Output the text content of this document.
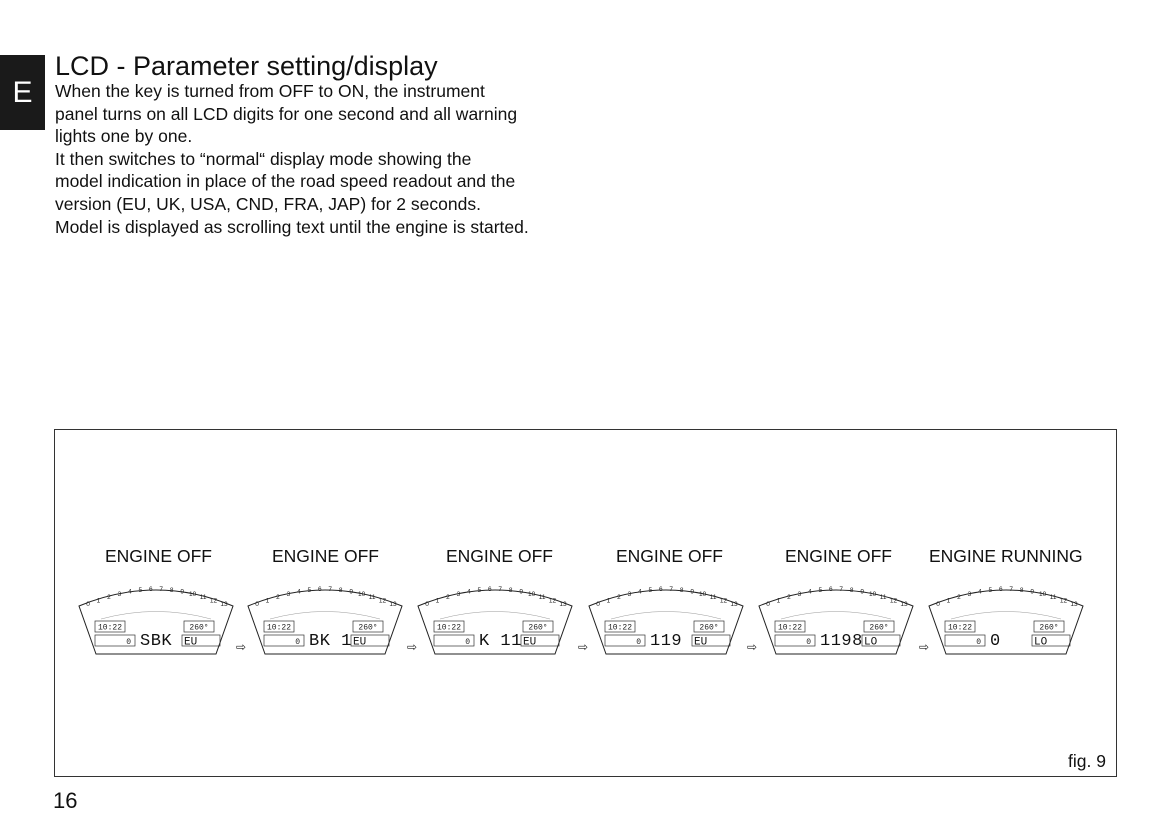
E
LCD - Parameter setting/display

When the key is turned from OFF to ON, the instrument
panel turns on all LCD digits for one second and all warning
lights one by one.
It then switches to “normal“ display mode showing the
model indication in place of the road speed readout and the
version (EU, UK, USA, CND, FRA, JAP) for 2 seconds.
Model is displayed as scrolling text until the engine is started.

ENGINE OFF	ENGINE OFF	ENGINE OFF	ENGINE OFF	ENGINE OFF ENGINE RUNNING
0
1 2 3 4 5 6 7 8 9 10 11 12
13
10:22
0
260°
EU
SBK
0
1 2 3 4 5 6 7 8 9 10 11 12
13
10:22
0
260°
EU
BK 1
0
1 2 3 4 5 6 7 8 9 10 11 12
13
10:22
0
260°
EU
K 11
0
1 2 3 4 5 6 7 8 9 10 11 12
13
10:22
0
260°
EU
119
0
1 2 3 4 5 6 7 8 9 10 11 12
13
10:22
0
260°
LO
1198
0
1 2 3 4 5 6 7 8 9 10 11 12
13
10:22
0
260°
LO
0
⇨	⇨	⇨	⇨	⇨
fig. 9
16
